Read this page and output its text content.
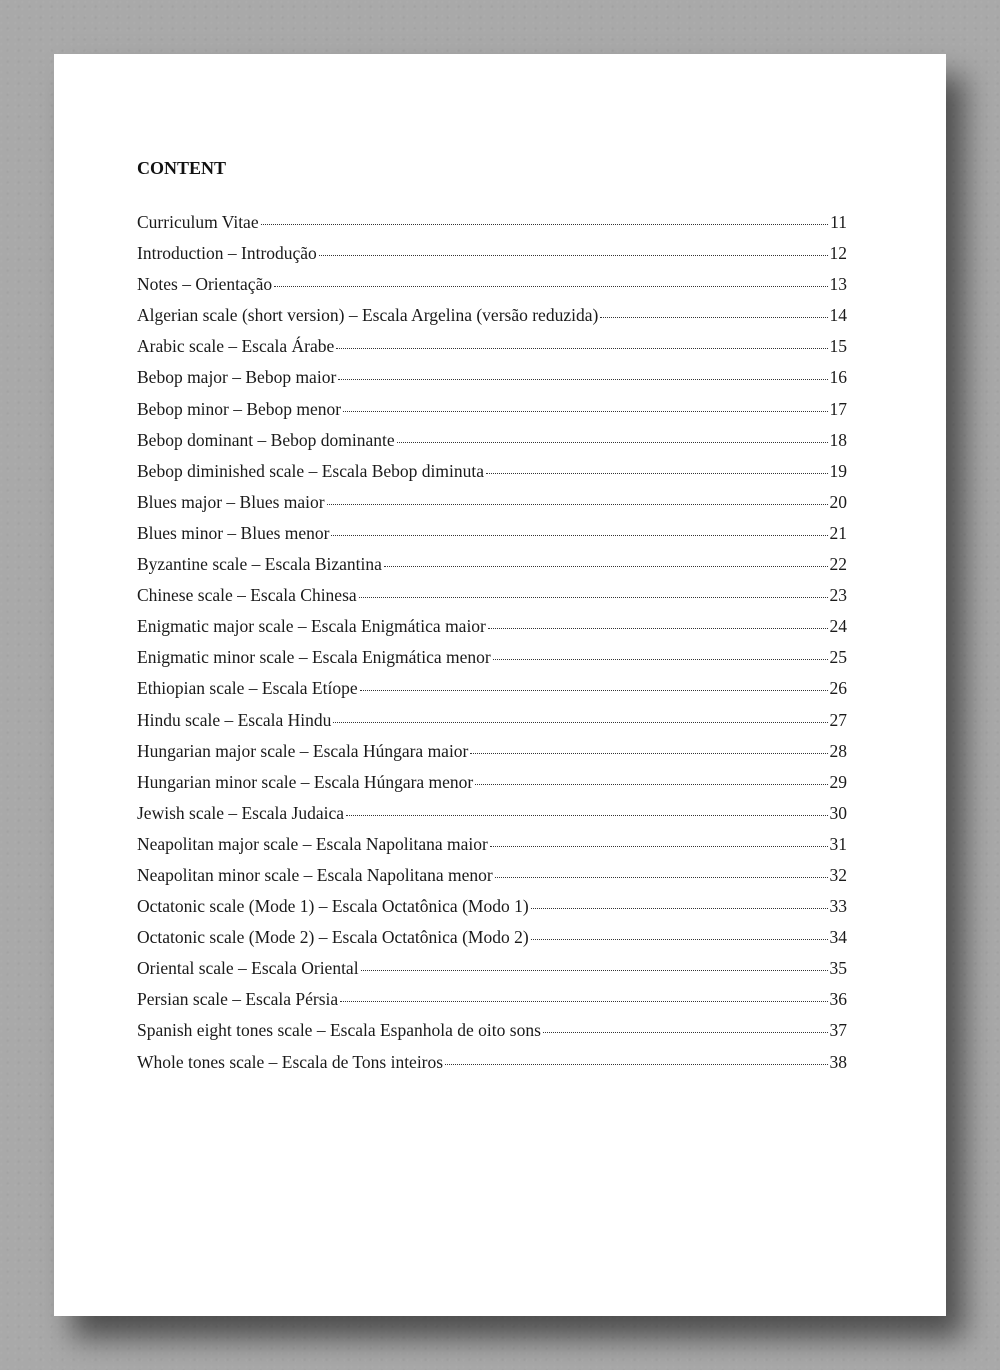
CONTENT
Curriculum Vitae	11
Introduction – Introdução	12
Notes – Orientação	13
Algerian scale (short version) – Escala Argelina (versão reduzida)	14
Arabic scale – Escala Árabe	15
Bebop major – Bebop maior	16
Bebop minor – Bebop menor	17
Bebop dominant – Bebop dominante	18
Bebop diminished scale – Escala Bebop diminuta	19
Blues major – Blues maior	20
Blues minor – Blues menor	21
Byzantine scale – Escala Bizantina	22
Chinese scale – Escala Chinesa	23
Enigmatic major scale – Escala Enigmática maior	24
Enigmatic minor scale – Escala Enigmática menor	25
Ethiopian scale – Escala Etíope	26
Hindu scale – Escala Hindu	27
Hungarian major scale – Escala Húngara maior	28
Hungarian minor scale – Escala Húngara menor	29
Jewish scale – Escala Judaica	30
Neapolitan major scale – Escala Napolitana maior	31
Neapolitan minor scale – Escala Napolitana menor	32
Octatonic scale (Mode 1) – Escala Octatônica (Modo 1)	33
Octatonic scale (Mode 2) – Escala Octatônica (Modo 2)	34
Oriental scale – Escala Oriental	35
Persian scale – Escala Pérsia	36
Spanish eight tones scale – Escala Espanhola de oito sons	37
Whole tones scale – Escala de Tons inteiros	38
